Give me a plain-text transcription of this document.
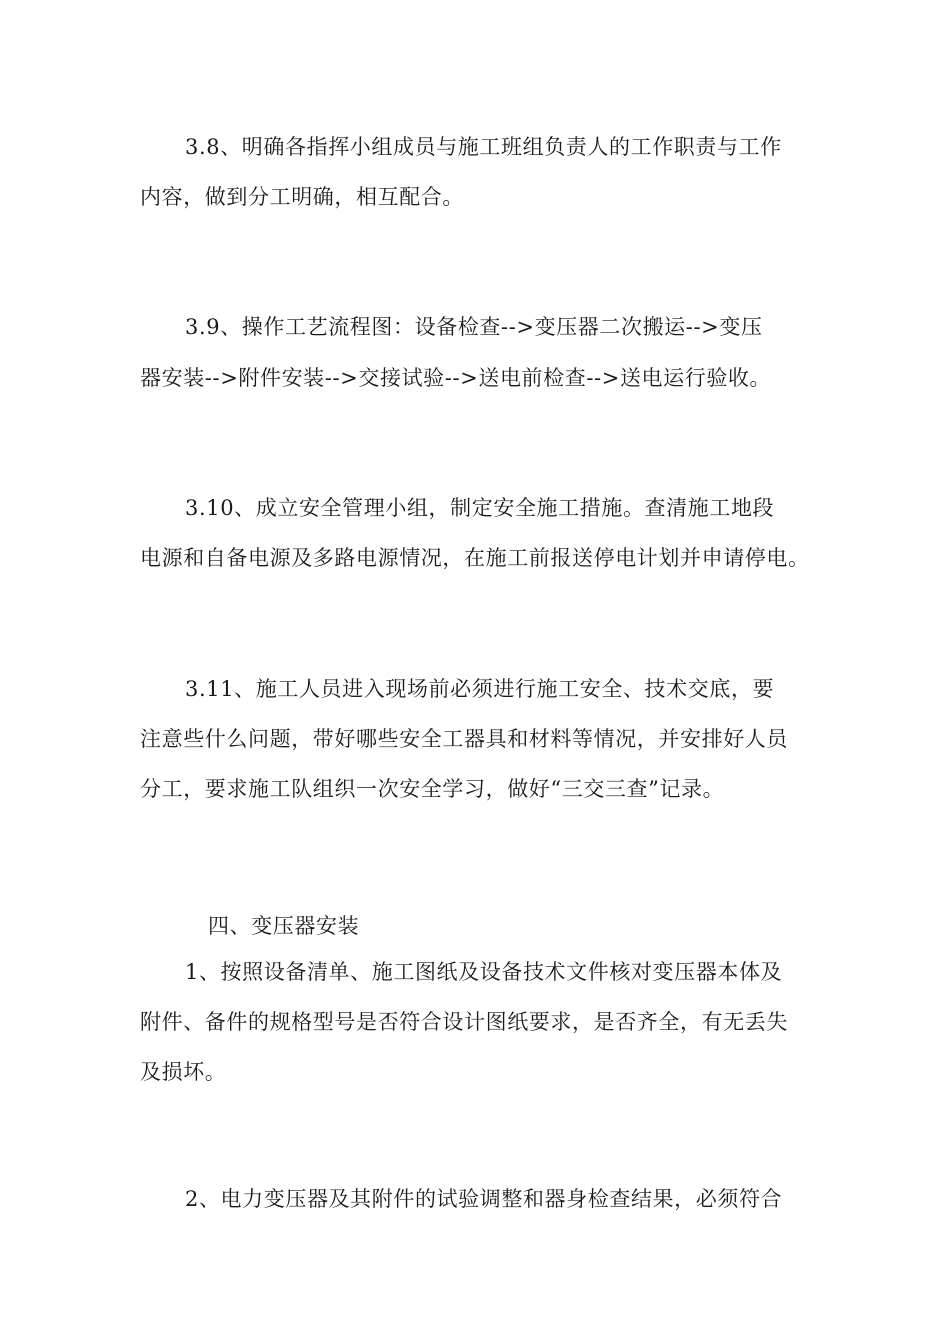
3.8、明确各指挥小组成员与施工班组负责人的工作职责与工作
内容，做到分工明确，相互配合。
3.9、操作工艺流程图：设备检查-->变压器二次搬运-->变压
器安装-->附件安装-->交接试验-->送电前检查-->送电运行验收。
3.10、成立安全管理小组，制定安全施工措施。查清施工地段
电源和自备电源及多路电源情况，在施工前报送停电计划并申请停电。
3.11、施工人员进入现场前必须进行施工安全、技术交底，要
注意些什么问题，带好哪些安全工器具和材料等情况，并安排好人员
分工，要求施工队组织一次安全学习，做好“三交三查”记录。
四、变压器安装
1、按照设备清单、施工图纸及设备技术文件核对变压器本体及
附件、备件的规格型号是否符合设计图纸要求，是否齐全，有无丢失
及损坏。
2、电力变压器及其附件的试验调整和器身检查结果，必须符合
